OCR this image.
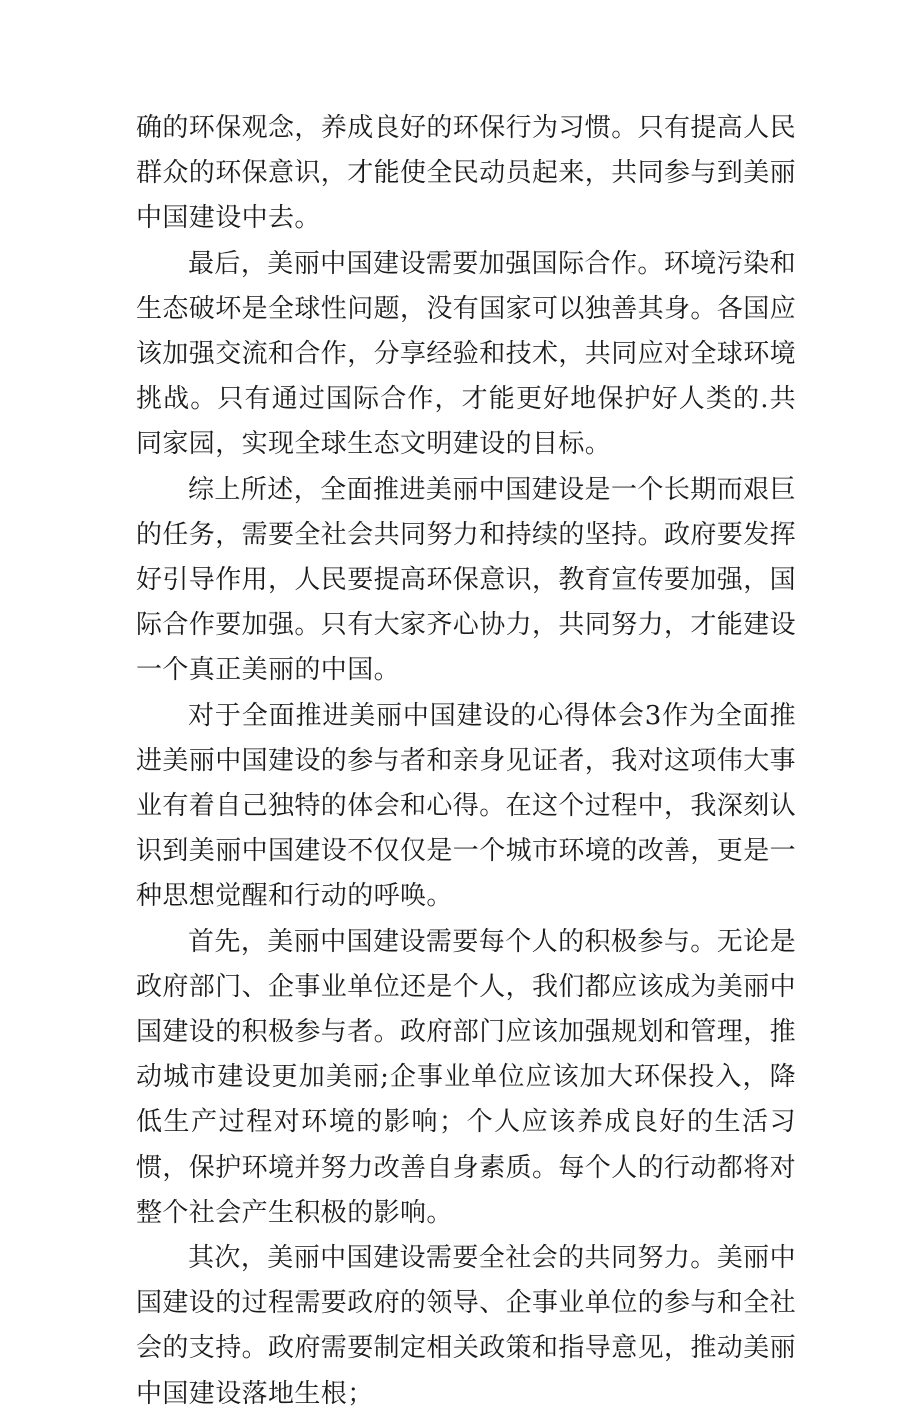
确的环保观念，养成良好的环保行为习惯。只有提高人民群众的环保意识，才能使全民动员起来，共同参与到美丽中国建设中去。

最后，美丽中国建设需要加强国际合作。环境污染和生态破坏是全球性问题，没有国家可以独善其身。各国应该加强交流和合作，分享经验和技术，共同应对全球环境挑战。只有通过国际合作，才能更好地保护好人类的.共同家园，实现全球生态文明建设的目标。

综上所述，全面推进美丽中国建设是一个长期而艰巨的任务，需要全社会共同努力和持续的坚持。政府要发挥好引导作用，人民要提高环保意识，教育宣传要加强，国际合作要加强。只有大家齐心协力，共同努力，才能建设一个真正美丽的中国。

对于全面推进美丽中国建设的心得体会3作为全面推进美丽中国建设的参与者和亲身见证者，我对这项伟大事业有着自己独特的体会和心得。在这个过程中，我深刻认识到美丽中国建设不仅仅是一个城市环境的改善，更是一种思想觉醒和行动的呼唤。

首先，美丽中国建设需要每个人的积极参与。无论是政府部门、企事业单位还是个人，我们都应该成为美丽中国建设的积极参与者。政府部门应该加强规划和管理，推动城市建设更加美丽;企事业单位应该加大环保投入，降低生产过程对环境的影响；个人应该养成良好的生活习惯，保护环境并努力改善自身素质。每个人的行动都将对整个社会产生积极的影响。

其次，美丽中国建设需要全社会的共同努力。美丽中国建设的过程需要政府的领导、企事业单位的参与和全社会的支持。政府需要制定相关政策和指导意见，推动美丽中国建设落地生根；
